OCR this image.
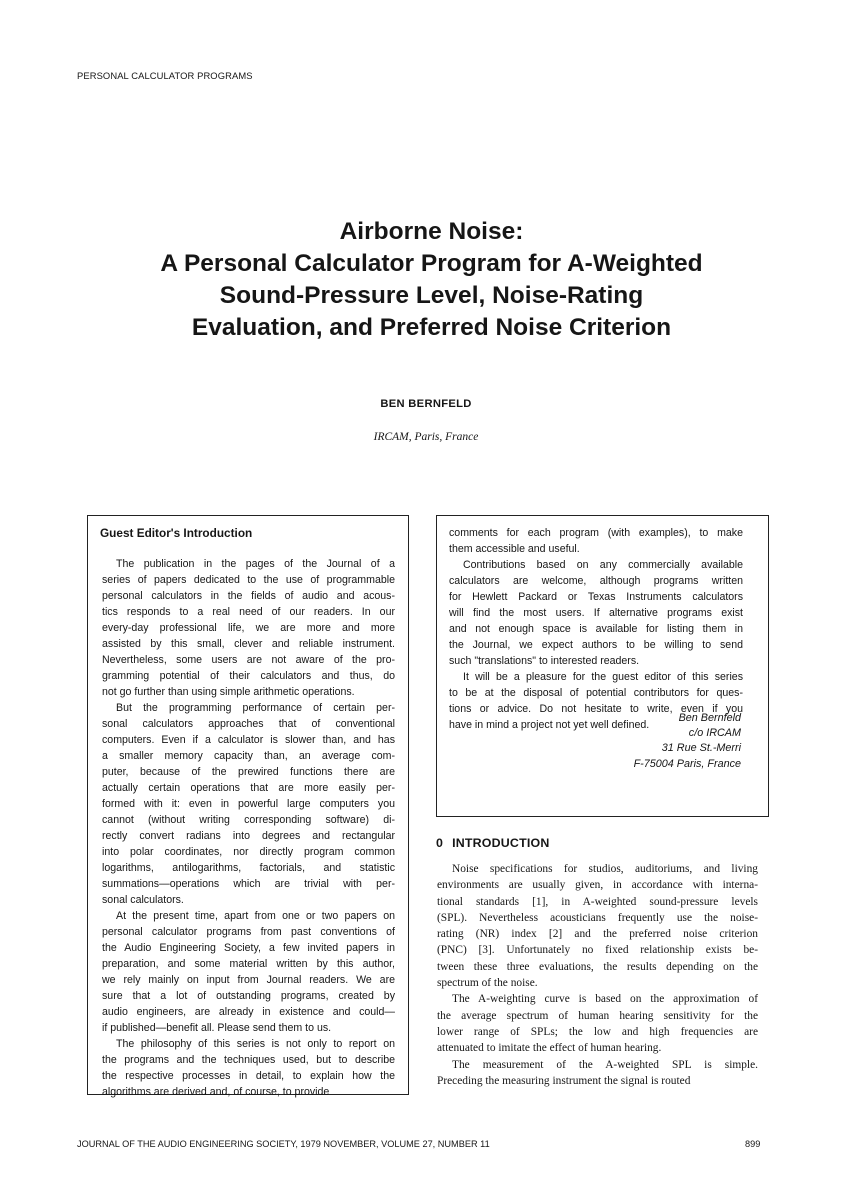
PERSONAL CALCULATOR PROGRAMS
Airborne Noise:
A Personal Calculator Program for A-Weighted
Sound-Pressure Level, Noise-Rating
Evaluation, and Preferred Noise Criterion
BEN BERNFELD
IRCAM, Paris, France
Guest Editor's Introduction
The publication in the pages of the Journal of a
series of papers dedicated to the use of programmable
personal calculators in the fields of audio and acous-
tics responds to a real need of our readers. In our
every-day professional life, we are more and more
assisted by this small, clever and reliable instrument.
Nevertheless, some users are not aware of the pro-
gramming potential of their calculators and thus, do
not go further than using simple arithmetic operations.
But the programming performance of certain per-
sonal calculators approaches that of conventional
computers. Even if a calculator is slower than, and has
a smaller memory capacity than, an average com-
puter, because of the prewired functions there are
actually certain operations that are more easily per-
formed with it: even in powerful large computers you
cannot (without writing corresponding software) di-
rectly convert radians into degrees and rectangular
into polar coordinates, nor directly program common
logarithms, antilogarithms, factorials, and statistic
summations—operations which are trivial with per-
sonal calculators.
At the present time, apart from one or two papers on
personal calculator programs from past conventions of
the Audio Engineering Society, a few invited papers in
preparation, and some material written by this author,
we rely mainly on input from Journal readers. We are
sure that a lot of outstanding programs, created by
audio engineers, are already in existence and could—
if published—benefit all. Please send them to us.
The philosophy of this series is not only to report on
the programs and the techniques used, but to describe
the respective processes in detail, to explain how the
algorithms are derived and, of course, to provide
comments for each program (with examples), to make
them accessible and useful.
Contributions based on any commercially available
calculators are welcome, although programs written
for Hewlett Packard or Texas Instruments calculators
will find the most users. If alternative programs exist
and not enough space is available for listing them in
the Journal, we expect authors to be willing to send
such "translations" to interested readers.
It will be a pleasure for the guest editor of this series
to be at the disposal of potential contributors for ques-
tions or advice. Do not hesitate to write, even if you
have in mind a project not yet well defined.
Ben Bernfeld
c/o IRCAM
31 Rue St.-Merri
F-75004 Paris, France
0 INTRODUCTION
Noise specifications for studios, auditoriums, and living
environments are usually given, in accordance with interna-
tional standards [1], in A-weighted sound-pressure levels
(SPL). Nevertheless acousticians frequently use the noise-
rating (NR) index [2] and the preferred noise criterion
(PNC) [3]. Unfortunately no fixed relationship exists be-
tween these three evaluations, the results depending on the
spectrum of the noise.
The A-weighting curve is based on the approximation of
the average spectrum of human hearing sensitivity for the
lower range of SPLs; the low and high frequencies are
attenuated to imitate the effect of human hearing.
The measurement of the A-weighted SPL is simple.
Preceding the measuring instrument the signal is routed
JOURNAL OF THE AUDIO ENGINEERING SOCIETY, 1979 NOVEMBER, VOLUME 27, NUMBER 11	899
